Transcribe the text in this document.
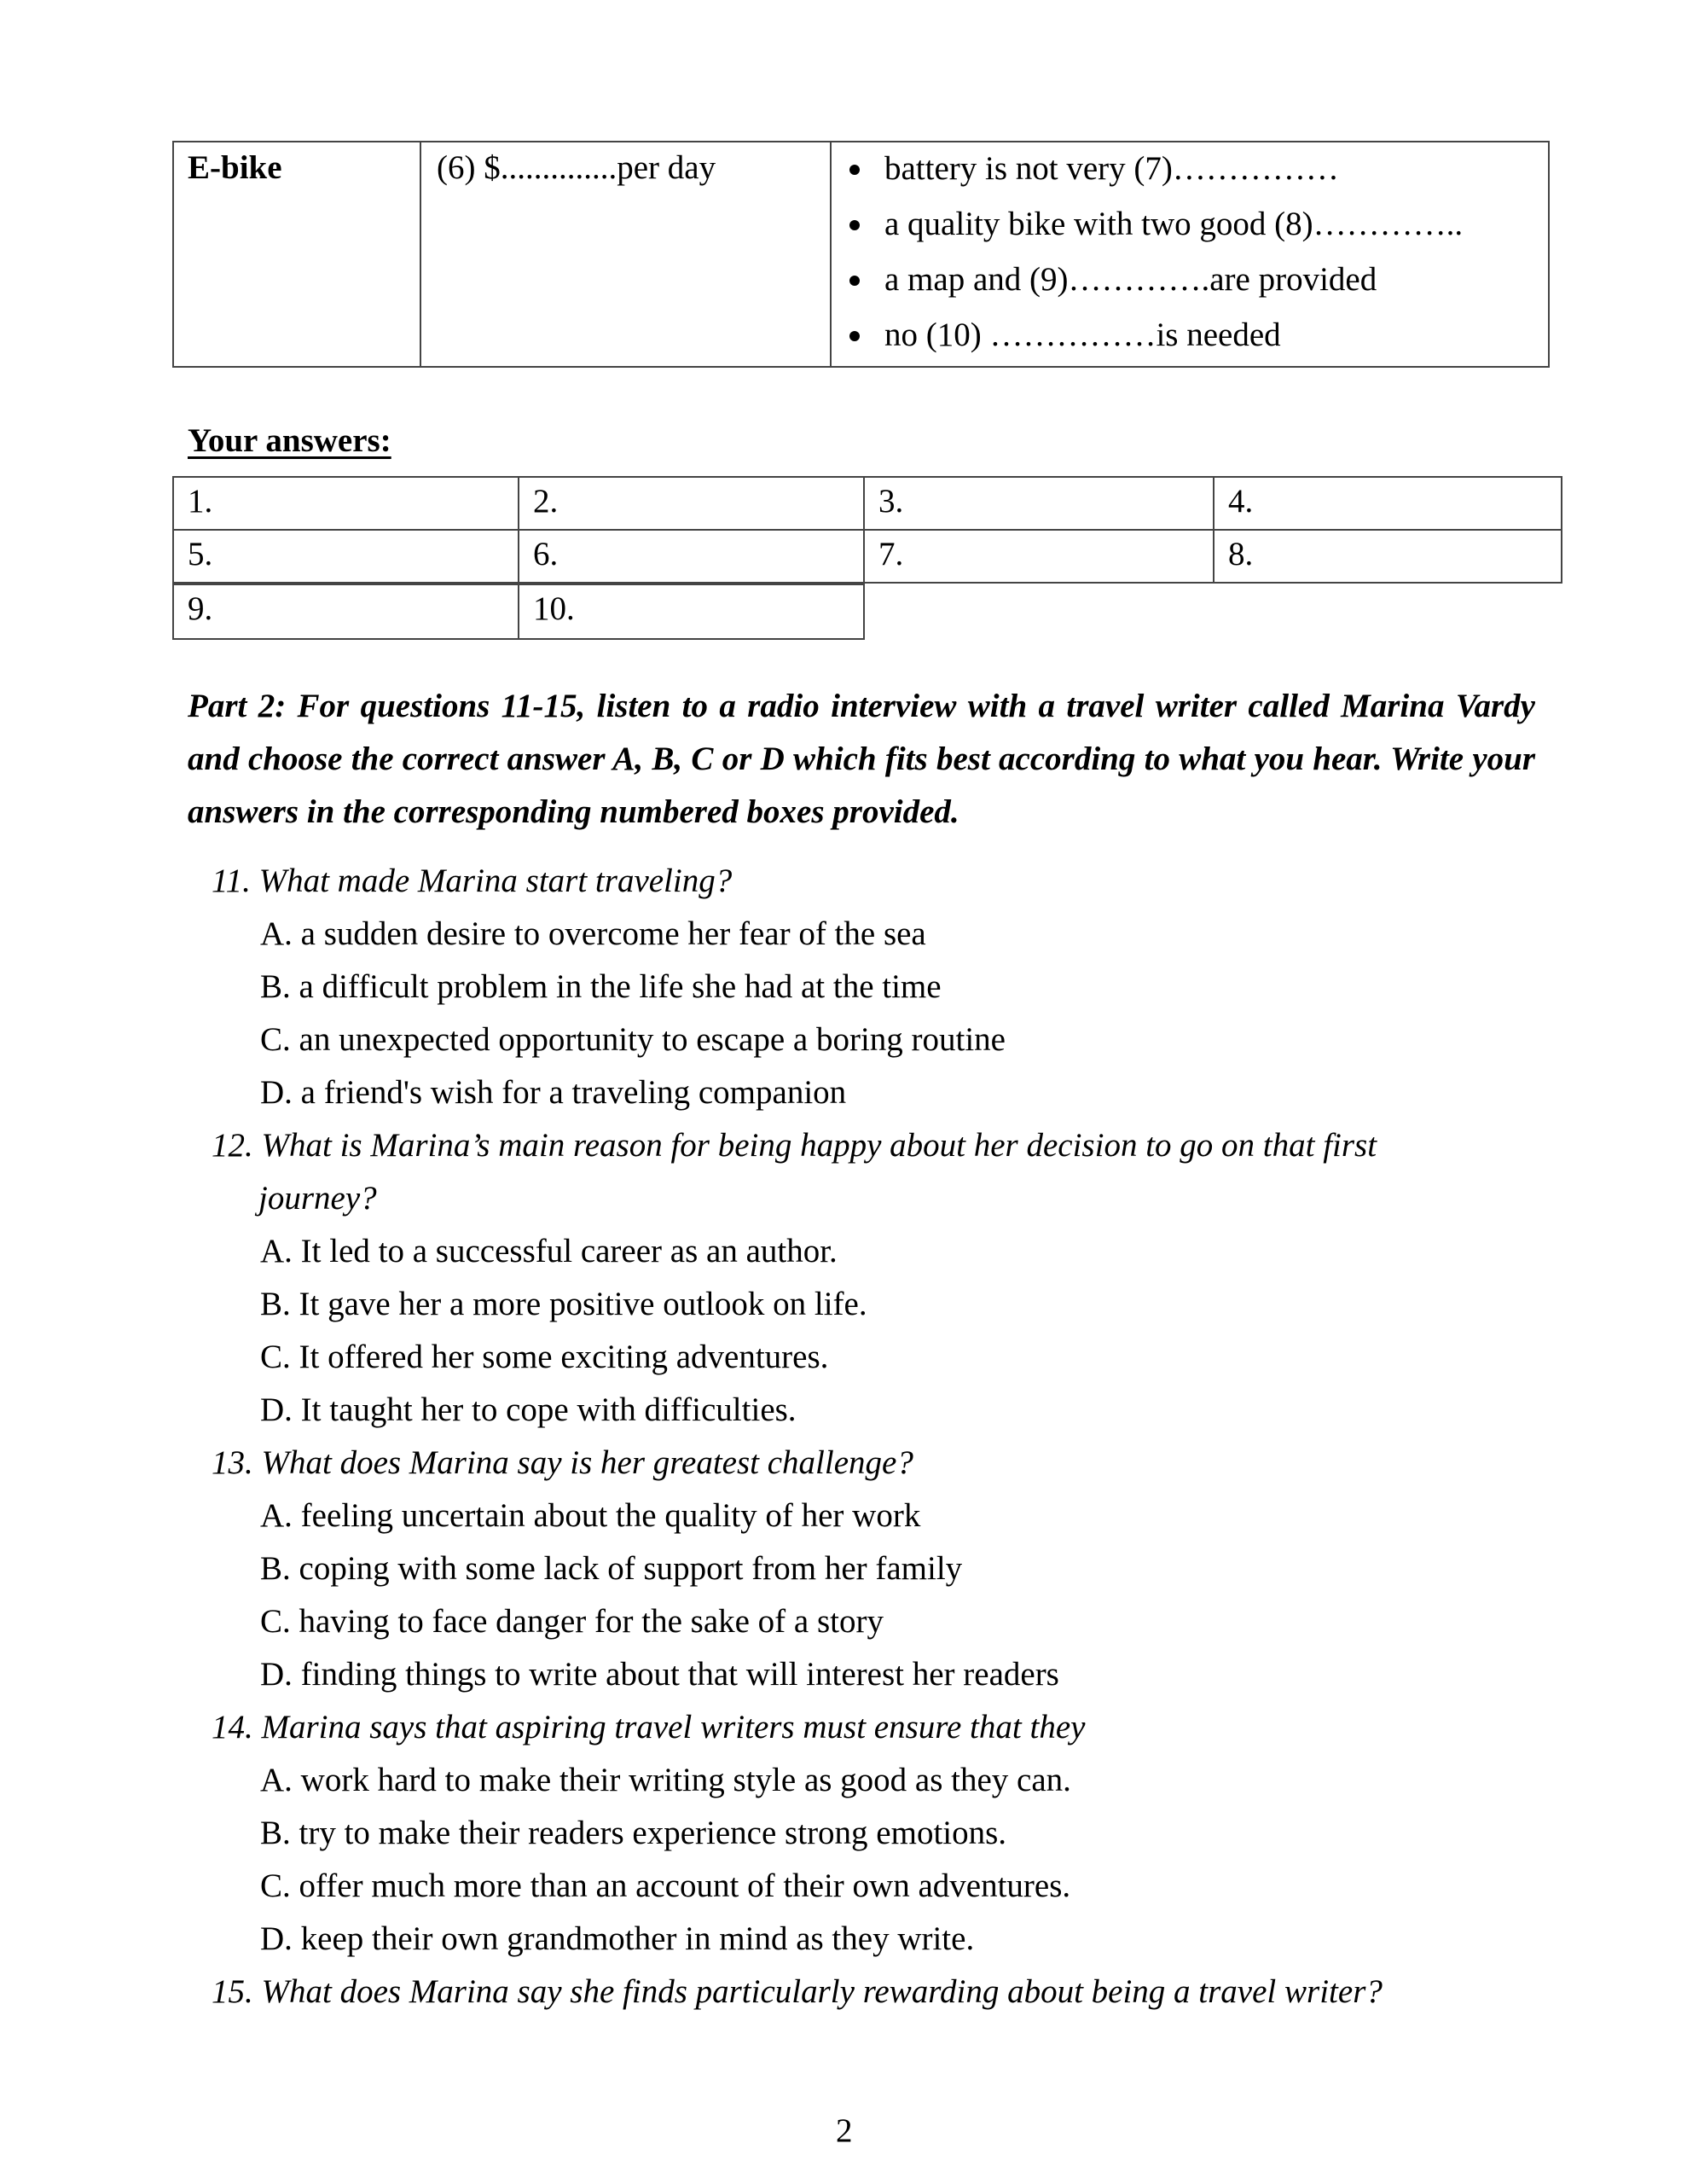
E-bike	(6) $..............per day	battery is not very (7)……………
a quality bike with two good (8)…………..
a map and (9)………….are provided
no (10) ……………is needed
Your answers:
1.	2.	3.	4.
5.	6.	7.	8.
9.	10.
Part 2: For questions 11-15, listen to a radio interview with a travel writer called Marina Vardy and choose the correct answer A, B, C or D which fits best according to what you hear. Write your answers in the corresponding numbered boxes provided.
11. What made Marina start traveling?
A. a sudden desire to overcome her fear of the sea
B. a difficult problem in the life she had at the time
C. an unexpected opportunity to escape a boring routine
D. a friend's wish for a traveling companion
12. What is Marina’s main reason for being happy about her decision to go on that first
journey?
A. It led to a successful career as an author.
B. It gave her a more positive outlook on life.
C. It offered her some exciting adventures.
D. It taught her to cope with difficulties.
13. What does Marina say is her greatest challenge?
A. feeling uncertain about the quality of her work
B. coping with some lack of support from her family
C. having to face danger for the sake of a story
D. finding things to write about that will interest her readers
14. Marina says that aspiring travel writers must ensure that they
A. work hard to make their writing style as good as they can.
B. try to make their readers experience strong emotions.
C. offer much more than an account of their own adventures.
D. keep their own grandmother in mind as they write.
15. What does Marina say she finds particularly rewarding about being a travel writer?
2
